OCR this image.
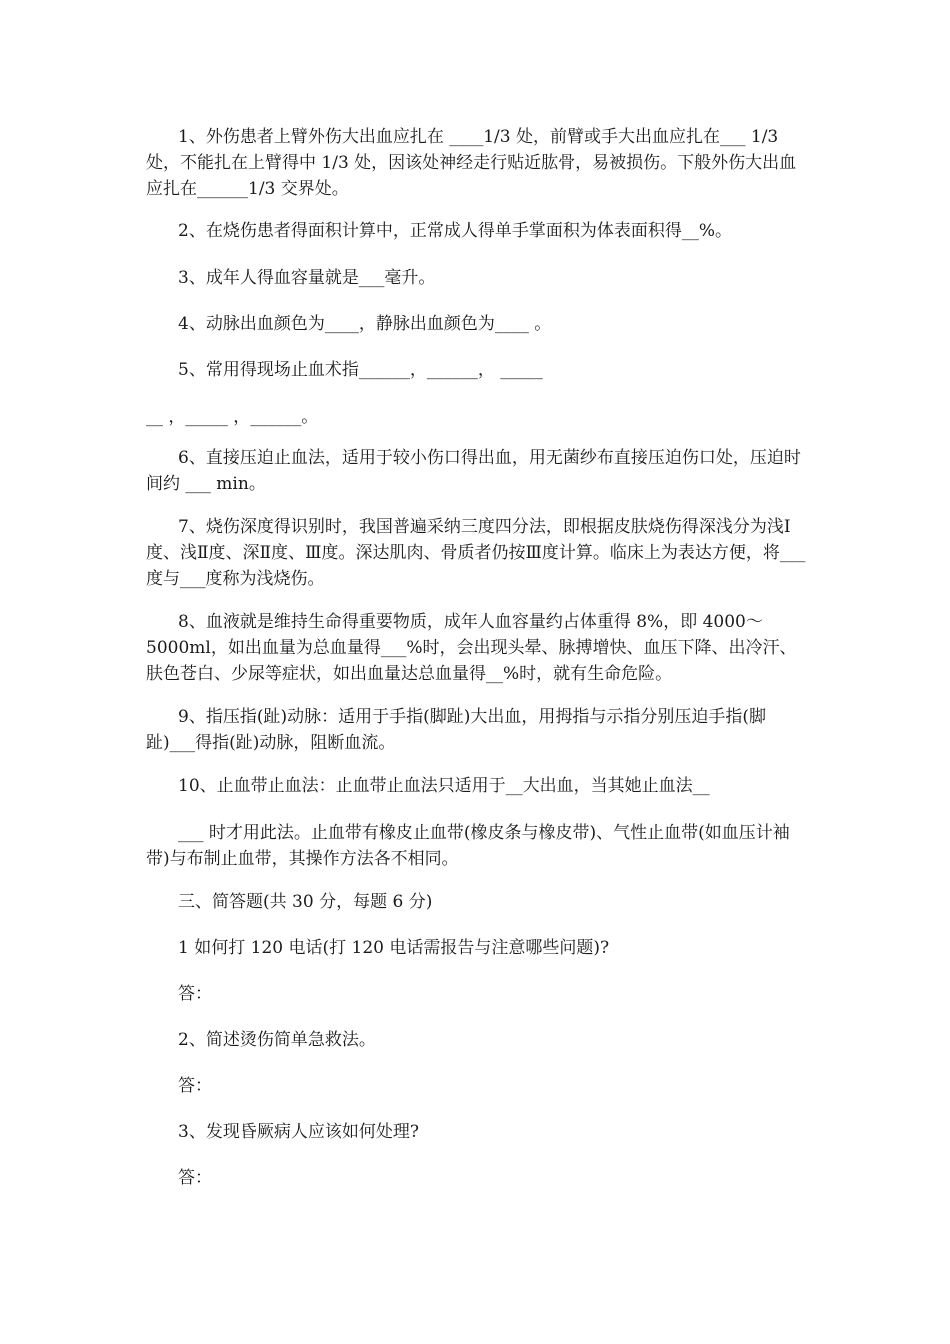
1、外伤患者上臂外伤大出血应扎在 ____1/3 处，前臂或手大出血应扎在___ 1/3 处，不能扎在上臂得中 1/3 处，因该处神经走行贴近肱骨，易被损伤。下般外伤大出血应扎在______1/3 交界处。

2、在烧伤患者得面积计算中，正常成人得单手掌面积为体表面积得__%。

3、成年人得血容量就是___毫升。

4、动脉出血颜色为____，静脉出血颜色为____ 。

5、常用得现场止血术指______，______， _____

__ ，_____ ，______。

6、直接压迫止血法，适用于较小伤口得出血，用无菌纱布直接压迫伤口处，压迫时间约 ___ min。

7、烧伤深度得识别时，我国普遍采纳三度四分法，即根据皮肤烧伤得深浅分为浅Ⅰ度、浅Ⅱ度、深Ⅱ度、Ⅲ度。深达肌肉、骨质者仍按Ⅲ度计算。临床上为表达方便，将___度与___度称为浅烧伤。

8、血液就是维持生命得重要物质，成年人血容量约占体重得 8%，即 4000～5000ml，如出血量为总血量得___%时，会出现头晕、脉搏增快、血压下降、出冷汗、肤色苍白、少尿等症状，如出血量达总血量得__%时，就有生命危险。

9、指压指(趾)动脉：适用于手指(脚趾)大出血，用拇指与示指分别压迫手指(脚趾)___得指(趾)动脉，阻断血流。

10、止血带止血法：止血带止血法只适用于__大出血，当其她止血法__

___ 时才用此法。止血带有橡皮止血带(橡皮条与橡皮带)、气性止血带(如血压计袖带)与布制止血带，其操作方法各不相同。

三、简答题(共 30 分，每题 6 分)

1 如何打 120 电话(打 120 电话需报告与注意哪些问题)?

答：

2、简述烫伤简单急救法。

答：

3、发现昏厥病人应该如何处理?

答：
